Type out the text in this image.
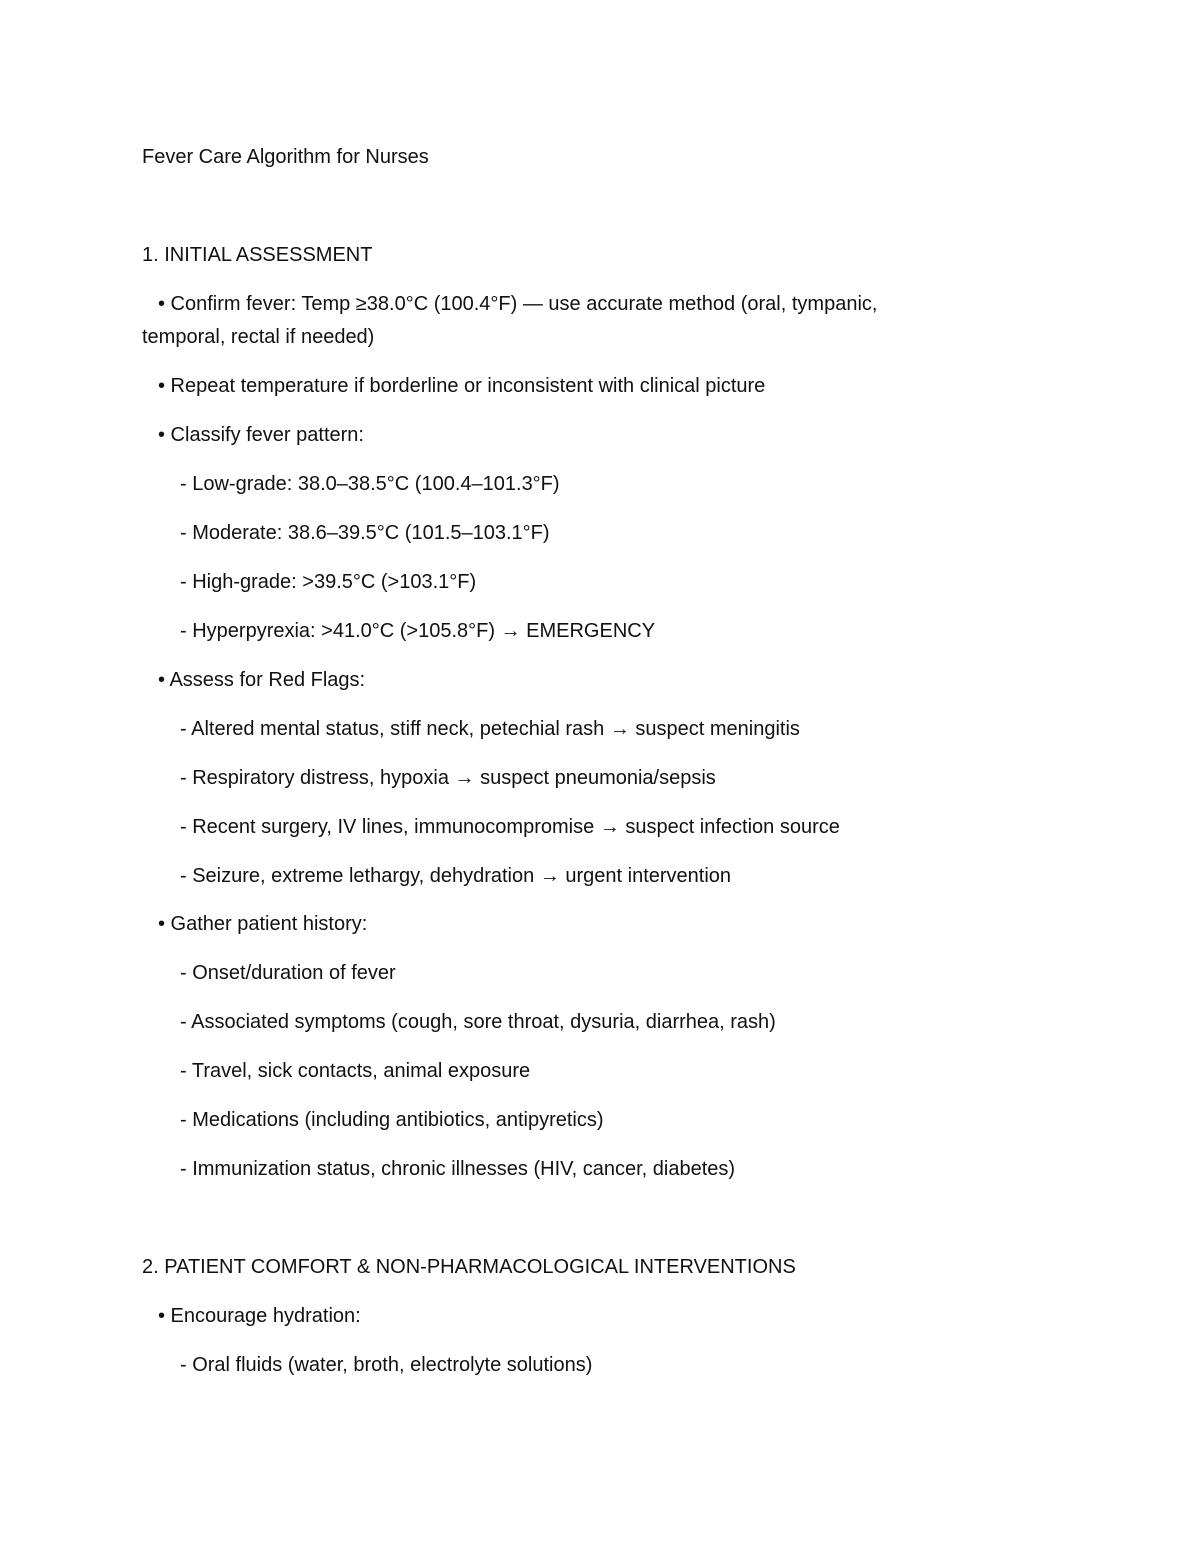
Fever Care Algorithm for Nurses
1. INITIAL ASSESSMENT
• Confirm fever: Temp ≥38.0°C (100.4°F) — use accurate method (oral, tympanic,
temporal, rectal if needed)
• Repeat temperature if borderline or inconsistent with clinical picture
• Classify fever pattern:
- Low-grade: 38.0–38.5°C (100.4–101.3°F)
- Moderate: 38.6–39.5°C (101.5–103.1°F)
- High-grade: >39.5°C (>103.1°F)
- Hyperpyrexia: >41.0°C (>105.8°F) → EMERGENCY
• Assess for Red Flags:
- Altered mental status, stiff neck, petechial rash → suspect meningitis
- Respiratory distress, hypoxia → suspect pneumonia/sepsis
- Recent surgery, IV lines, immunocompromise → suspect infection source
- Seizure, extreme lethargy, dehydration → urgent intervention
• Gather patient history:
- Onset/duration of fever
- Associated symptoms (cough, sore throat, dysuria, diarrhea, rash)
- Travel, sick contacts, animal exposure
- Medications (including antibiotics, antipyretics)
- Immunization status, chronic illnesses (HIV, cancer, diabetes)
2. PATIENT COMFORT & NON-PHARMACOLOGICAL INTERVENTIONS
• Encourage hydration:
- Oral fluids (water, broth, electrolyte solutions)
